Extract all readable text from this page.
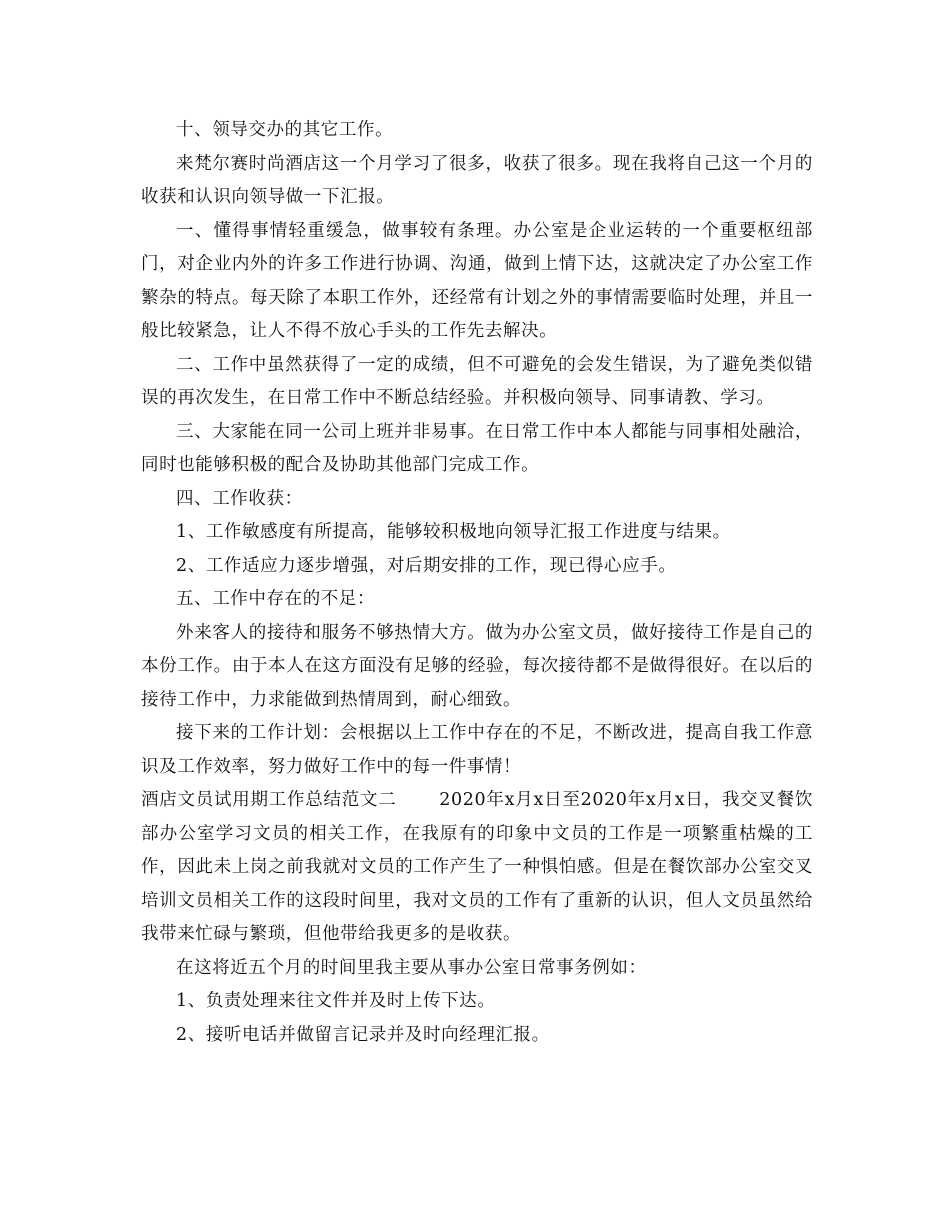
十、领导交办的其它工作。

来梵尔赛时尚酒店这一个月学习了很多，收获了很多。现在我将自己这一个月的收获和认识向领导做一下汇报。

一、懂得事情轻重缓急，做事较有条理。办公室是企业运转的一个重要枢纽部门，对企业内外的许多工作进行协调、沟通，做到上情下达，这就决定了办公室工作繁杂的特点。每天除了本职工作外，还经常有计划之外的事情需要临时处理，并且一般比较紧急，让人不得不放心手头的工作先去解决。

二、工作中虽然获得了一定的成绩，但不可避免的会发生错误，为了避免类似错误的再次发生，在日常工作中不断总结经验。并积极向领导、同事请教、学习。

三、大家能在同一公司上班并非易事。在日常工作中本人都能与同事相处融洽，同时也能够积极的配合及协助其他部门完成工作。

四、工作收获：

1、工作敏感度有所提高，能够较积极地向领导汇报工作进度与结果。

2、工作适应力逐步增强，对后期安排的工作，现已得心应手。

五、工作中存在的不足：

外来客人的接待和服务不够热情大方。做为办公室文员，做好接待工作是自己的本份工作。由于本人在这方面没有足够的经验，每次接待都不是做得很好。在以后的接待工作中，力求能做到热情周到，耐心细致。

接下来的工作计划：会根据以上工作中存在的不足，不断改进，提高自我工作意识及工作效率，努力做好工作中的每一件事情！

酒店文员试用期工作总结范文二　　 2020年x月x日至2020年x月x日，我交叉餐饮部办公室学习文员的相关工作，在我原有的印象中文员的工作是一项繁重枯燥的工作，因此未上岗之前我就对文员的工作产生了一种惧怕感。但是在餐饮部办公室交叉培训文员相关工作的这段时间里，我对文员的工作有了重新的认识，但人文员虽然给我带来忙碌与繁琐，但他带给我更多的是收获。

在这将近五个月的时间里我主要从事办公室日常事务例如：

1、负责处理来往文件并及时上传下达。

2、接听电话并做留言记录并及时向经理汇报。
